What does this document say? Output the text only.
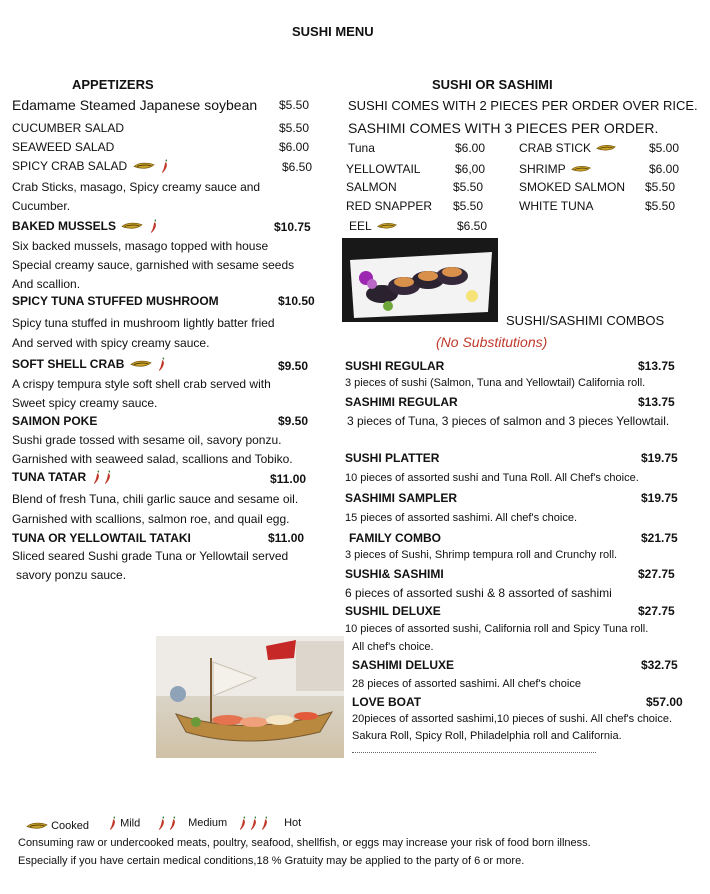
SUSHI MENU
APPETIZERS
Edamame Steamed Japanese soybean $5.50
CUCUMBER SALAD	$5.50
SEAWEED SALAD	$6.00
SPICY CRAB SALAD	$6.50
Crab Sticks, masago, Spicy creamy sauce and
Cucumber.
BAKED MUSSELS	$10.75
Six backed mussels, masago topped with house
Special creamy sauce, garnished with sesame seeds
And scallion.
SPICY TUNA STUFFED MUSHROOM	$10.50
Spicy tuna stuffed in mushroom lightly batter fried
And served with spicy creamy sauce.
SOFT SHELL CRAB	$9.50
A crispy tempura style soft shell crab served with
Sweet spicy creamy sauce.
SAIMON POKE	$9.50
Sushi grade tossed with sesame oil, savory ponzu.
Garnished with seaweed salad, scallions and Tobiko.
TUNA TATAR	$11.00
Blend of fresh Tuna, chili garlic sauce and sesame oil.
Garnished with scallions, salmon roe, and quail egg.
TUNA OR YELLOWTAIL TATAKI	$11.00
Sliced seared Sushi grade Tuna or Yellowtail served
savory ponzu sauce.
SUSHI OR SASHIMI
SUSHI COMES WITH 2 PIECES PER ORDER OVER RICE.
SASHIMI COMES WITH 3 PIECES PER ORDER.
Tuna	$6.00
YELLOWTAIL	$6,00
SALMON	$5.50
RED SNAPPER $5.50
EEL	$6.50
CRAB STICK	$5.00
SHRIMP	$6.00
SMOKED SALMON $5.50
WHITE TUNA	$5.50
SUSHI/SASHIMI COMBOS
(No Substitutions)
SUSHI REGULAR	$13.75
3 pieces of sushi (Salmon, Tuna and Yellowtail) California roll.
SASHIMI REGULAR	$13.75
3 pieces of Tuna, 3 pieces of salmon and 3 pieces Yellowtail.
SUSHI PLATTER	$19.75
10 pieces of assorted sushi and Tuna Roll. All Chef's choice.
SASHIMI SAMPLER	$19.75
15 pieces of assorted sashimi. All chef's choice.
FAMILY COMBO	$21.75
3 pieces of Sushi, Shrimp tempura roll and Crunchy roll.
SUSHI& SASHIMI	$27.75
6 pieces of assorted sushi & 8 assorted of sashimi
SUSHIL DELUXE	$27.75
10 pieces of assorted sushi, California roll and Spicy Tuna roll.
All chef's choice.
SASHIMI DELUXE	$32.75
28 pieces of assorted sashimi. All chef's choice
LOVE BOAT	$57.00
20pieces of assorted sashimi,10 pieces of sushi. All chef's choice.
Sakura Roll, Spicy Roll, Philadelphia roll and California.
Cooked	Mild	Medium	Hot
Consuming raw or undercooked meats, poultry, seafood, shellfish, or eggs may increase your risk of food born illness.
Especially if you have certain medical conditions,18 % Gratuity may be applied to the party of 6 or more.
